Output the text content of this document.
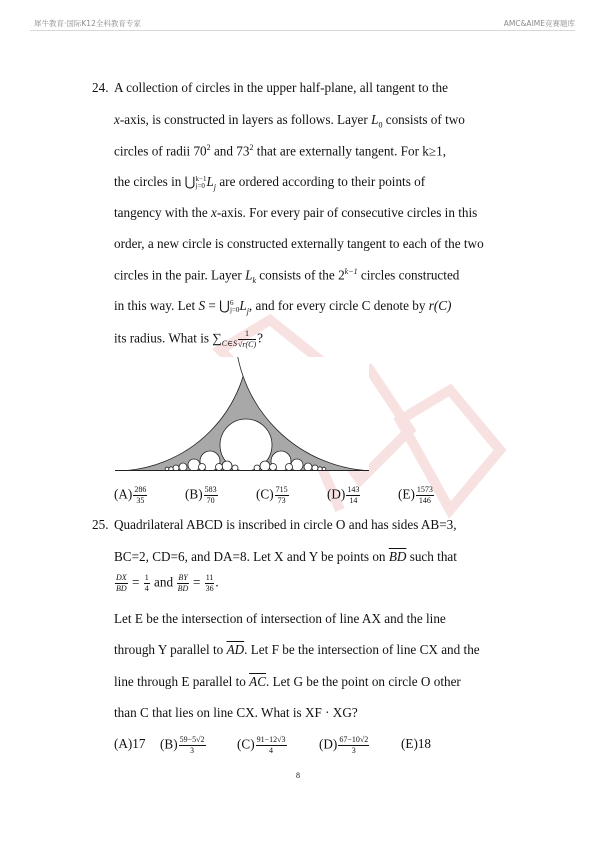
犀牛教育·国际K12全科教育专家	AMC&AIME竞赛题库
24. A collection of circles in the upper half-plane, all tangent to the
x-axis, is constructed in layers as follows. Layer $L_0$ consists of two
circles of radii $70^2$ and $73^2$ that are externally tangent. For k≥1,
the circles in ⋃ k−1
j=0 $L_j$ are ordered according to their points of
tangency with the x-axis. For every pair of consecutive circles in this
order, a new circle is constructed externally tangent to each of the two
circles in the pair. Layer $L_k$ consists of the $2^{k-1}$ circles constructed
in this way. Let S = ⋃ 6
j=0 $L_j$, and for every circle C denote by r(C)
its radius. What is $\sum_{C\in S} \frac{1}{√r(C)}$ ?
$(A) \frac{286}{35}$	$(B) \frac{583}{70}$	$(C) \frac{715}{73}$	$(D) \frac{143}{14}$	$(E) \frac{1573}{146}$
25. Quadrilateral ABCD is inscribed in circle O and has sides AB=3,
BC=2, CD=6, and DA=8. Let X and Y be points on $\overline{BD}$ such that
$\frac{DX}{BD} = \frac{1}{4}$ and $\frac{BY}{BD} = \frac{11}{36}$ .
Let E be the intersection of intersection of line AX and the line
through Y parallel to $\overline{AD}$. Let F be the intersection of line CX and the
line through E parallel to $\overline{AC}$. Let G be the point on circle O other
than C that lies on line CX. What is XF · XG?
(A)17 $(B) \frac{59-5√2}{3} (C) \frac{91-12√3}{4} (D) \frac{67-10√2}{3} (E)18$
8
